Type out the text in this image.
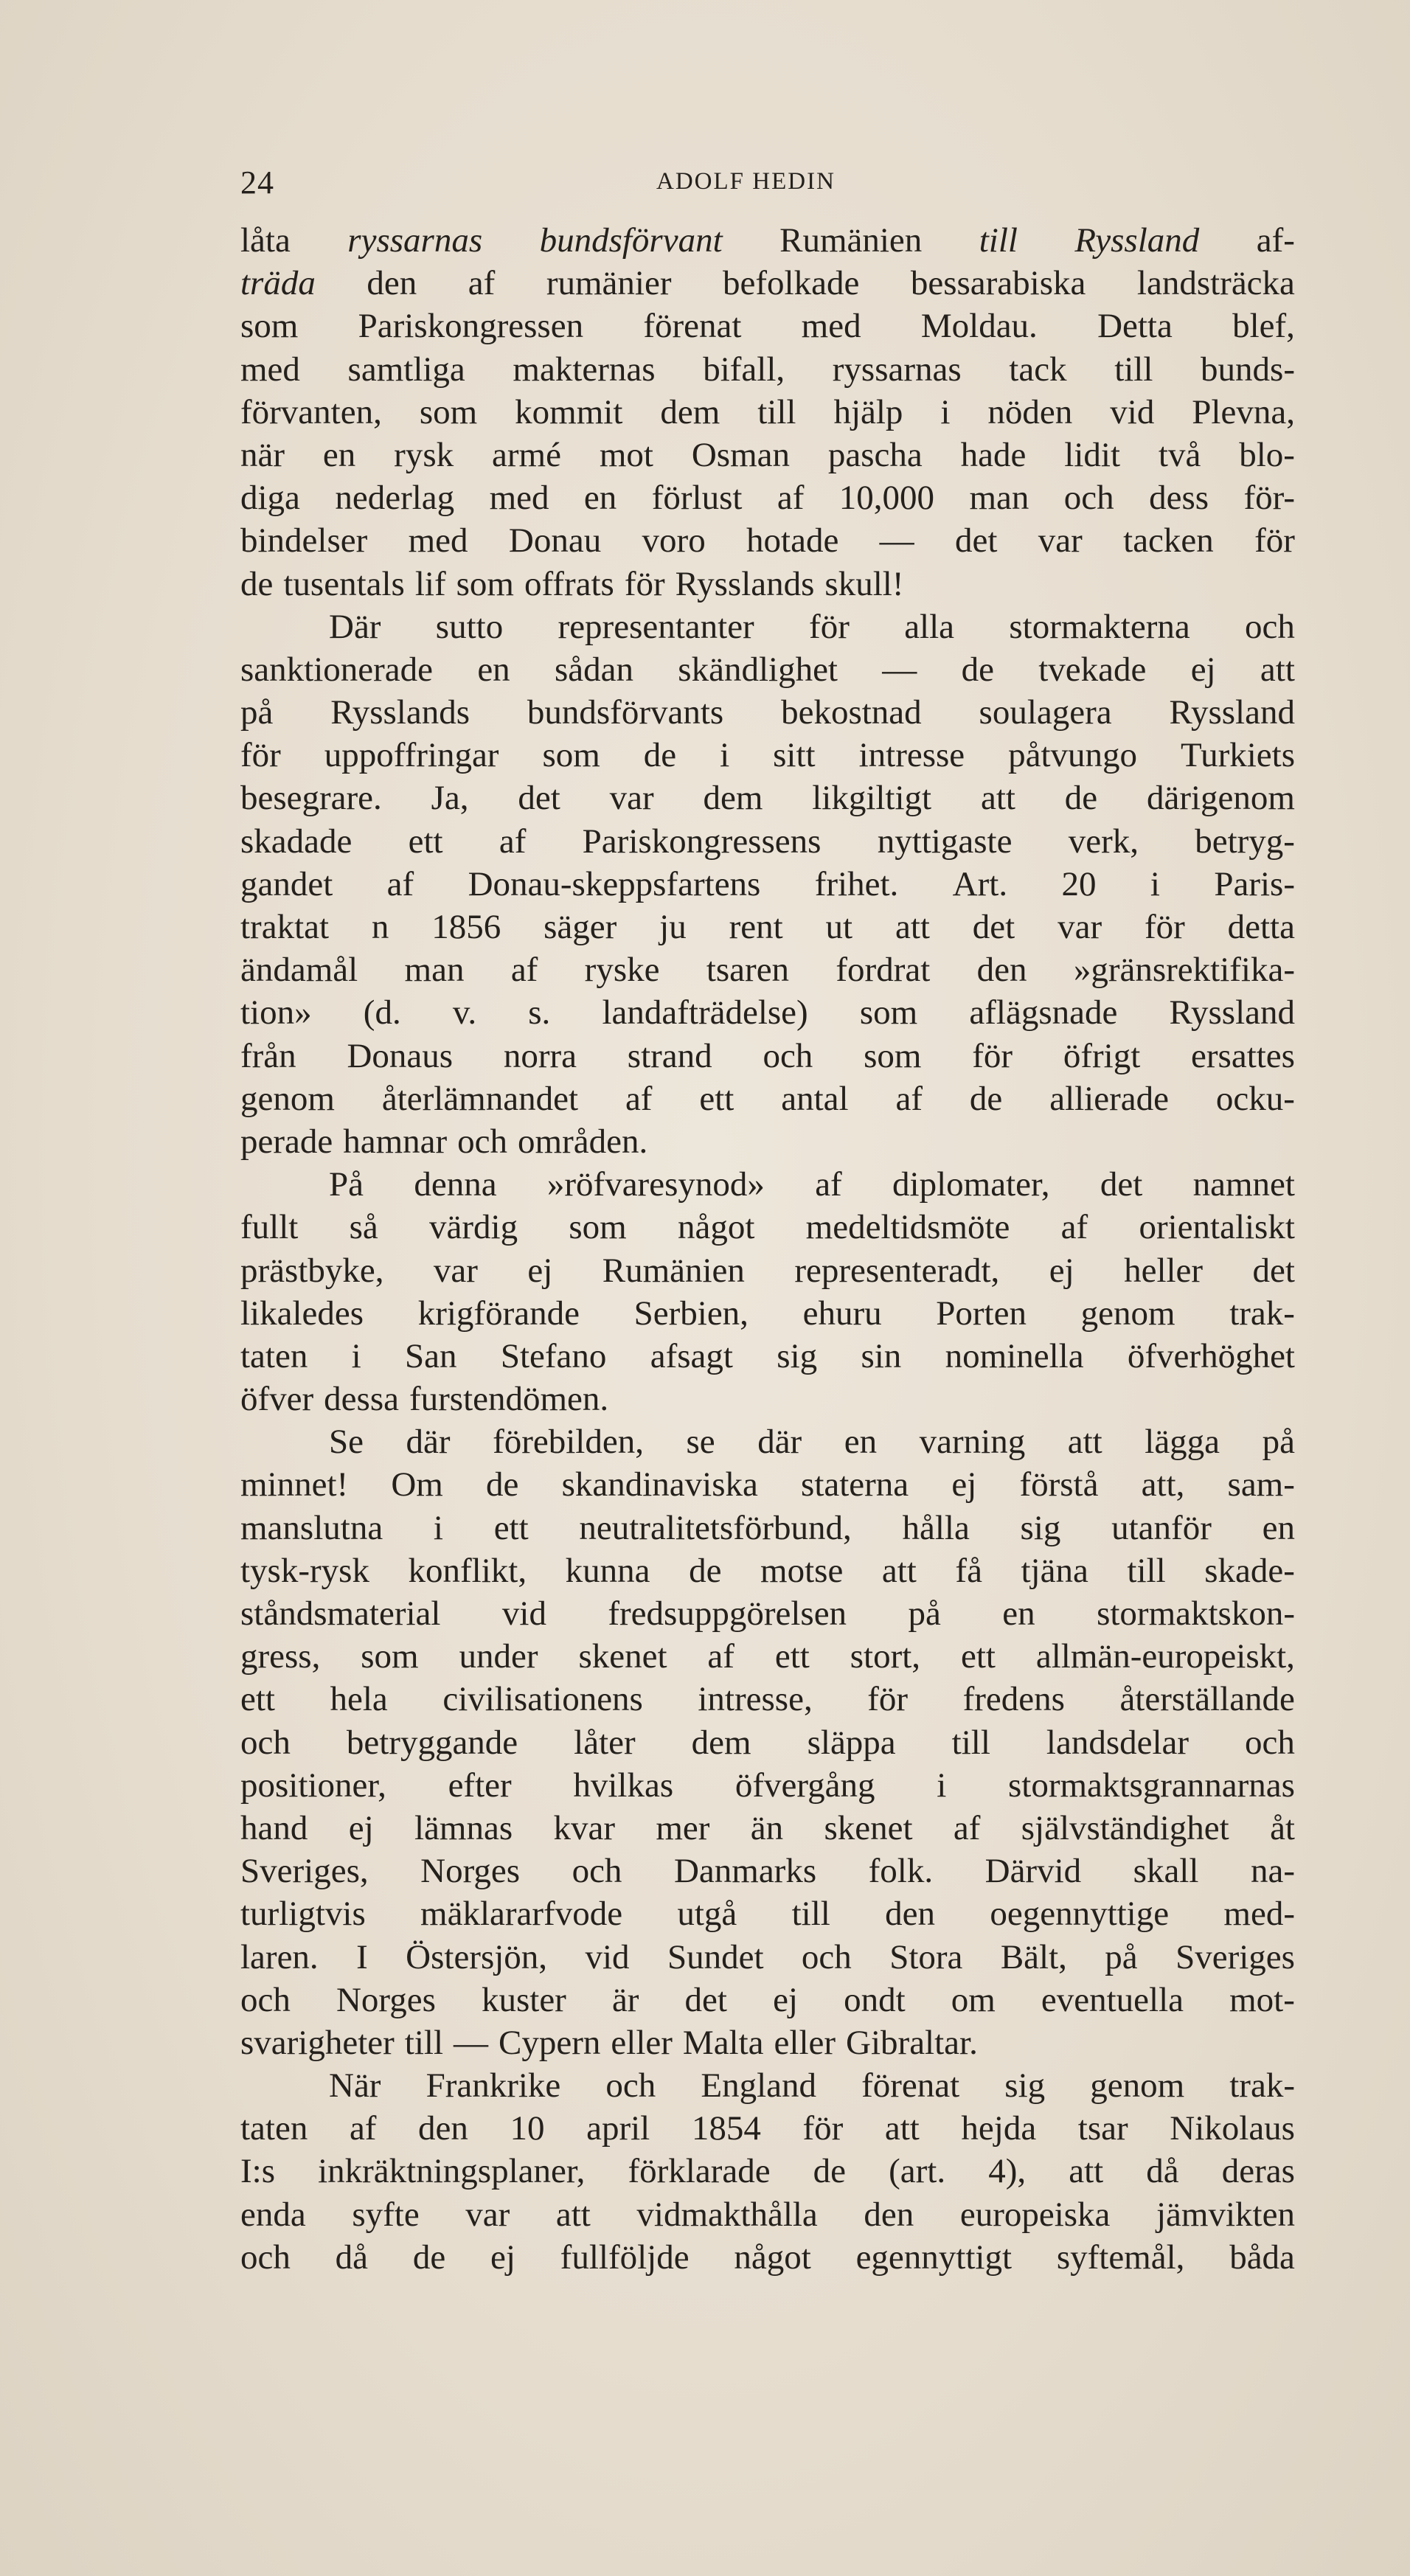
24	ADOLF HEDIN
låta ryssarnas bundsförvant Rumänien till Ryssland af-
träda den af rumänier befolkade bessarabiska landsträcka
som Pariskongressen förenat med Moldau. Detta blef,
med samtliga makternas bifall, ryssarnas tack till bunds-
förvanten, som kommit dem till hjälp i nöden vid Plevna,
när en rysk armé mot Osman pascha hade lidit två blo-
diga nederlag med en förlust af 10,000 man och dess för-
bindelser med Donau voro hotade — det var tacken för
de tusentals lif som offrats för Rysslands skull!
Där sutto representanter för alla stormakterna och
sanktionerade en sådan skändlighet — de tvekade ej att
på Rysslands bundsförvants bekostnad soulagera Ryssland
för uppoffringar som de i sitt intresse påtvungo Turkiets
besegrare. Ja, det var dem likgiltigt att de därigenom
skadade ett af Pariskongressens nyttigaste verk, betryg-
gandet af Donau-skeppsfartens frihet. Art. 20 i Paris-
traktat n 1856 säger ju rent ut att det var för detta
ändamål man af ryske tsaren fordrat den »gränsrektifika-
tion» (d. v. s. landafträdelse) som aflägsnade Ryssland
från Donaus norra strand och som för öfrigt ersattes
genom återlämnandet af ett antal af de allierade ocku-
perade hamnar och områden.
På denna »röfvaresynod» af diplomater, det namnet
fullt så värdig som något medeltidsmöte af orientaliskt
prästbyke, var ej Rumänien representeradt, ej heller det
likaledes krigförande Serbien, ehuru Porten genom trak-
taten i San Stefano afsagt sig sin nominella öfverhöghet
öfver dessa furstendömen.
Se där förebilden, se där en varning att lägga på
minnet! Om de skandinaviska staterna ej förstå att, sam-
manslutna i ett neutralitetsförbund, hålla sig utanför en
tysk-rysk konflikt, kunna de motse att få tjäna till skade-
ståndsmaterial vid fredsuppgörelsen på en stormaktskon-
gress, som under skenet af ett stort, ett allmän-europeiskt,
ett hela civilisationens intresse, för fredens återställande
och betryggande låter dem släppa till landsdelar och
positioner, efter hvilkas öfvergång i stormaktsgrannarnas
hand ej lämnas kvar mer än skenet af självständighet åt
Sveriges, Norges och Danmarks folk. Därvid skall na-
turligtvis mäklararfvode utgå till den oegennyttige med-
laren. I Östersjön, vid Sundet och Stora Bält, på Sveriges
och Norges kuster är det ej ondt om eventuella mot-
svarigheter till — Cypern eller Malta eller Gibraltar.
När Frankrike och England förenat sig genom trak-
taten af den 10 april 1854 för att hejda tsar Nikolaus
I:s inkräktningsplaner, förklarade de (art. 4), att då deras
enda syfte var att vidmakthålla den europeiska jämvikten
och då de ej fullföljde något egennyttigt syftemål, båda
